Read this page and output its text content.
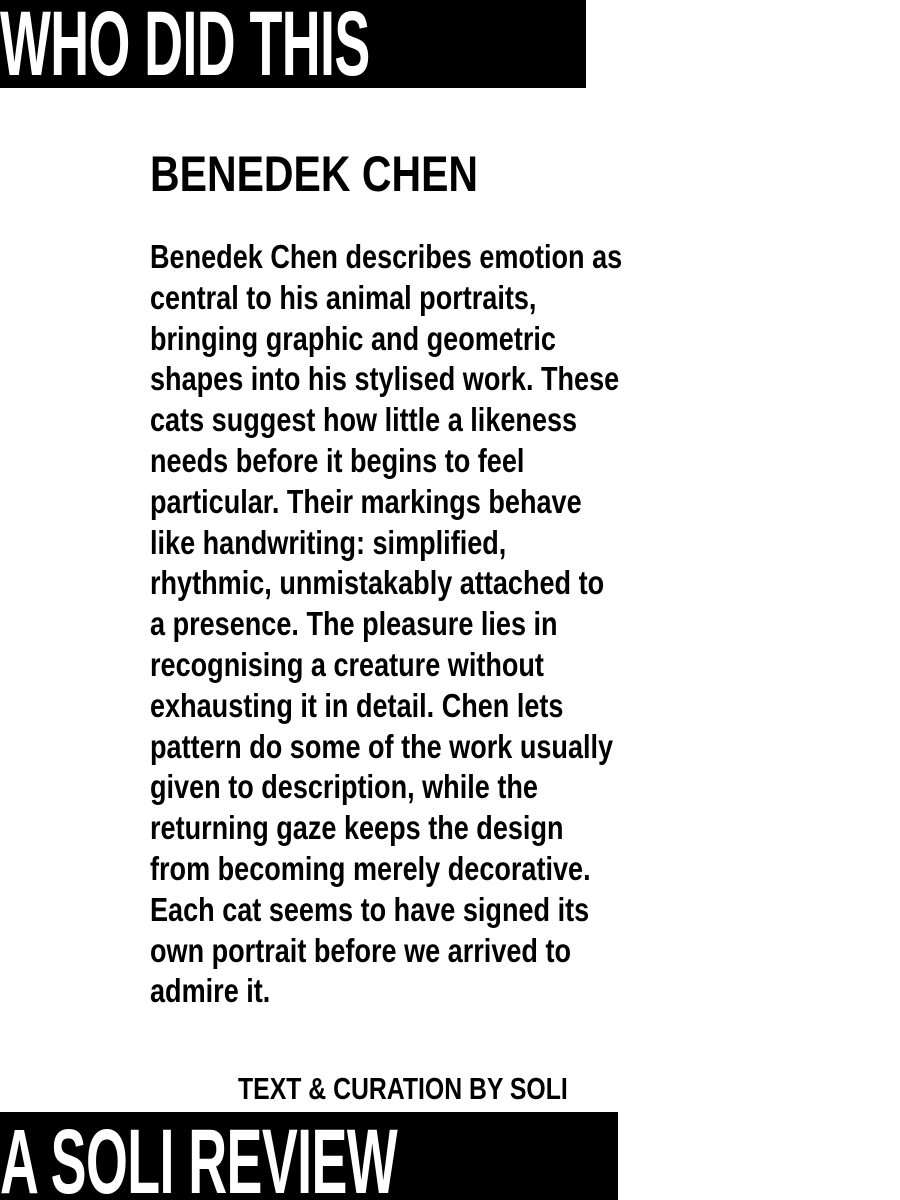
WHO DID THIS
BENEDEK CHEN
Benedek Chen describes emotion as
central to his animal portraits,
bringing graphic and geometric
shapes into his stylised work. These
cats suggest how little a likeness
needs before it begins to feel
particular. Their markings behave
like handwriting: simplified,
rhythmic, unmistakably attached to
a presence. The pleasure lies in
recognising a creature without
exhausting it in detail. Chen lets
pattern do some of the work usually
given to description, while the
returning gaze keeps the design
from becoming merely decorative.
Each cat seems to have signed its
own portrait before we arrived to
admire it.
TEXT & CURATION BY SOLI
A SOLI REVIEW
